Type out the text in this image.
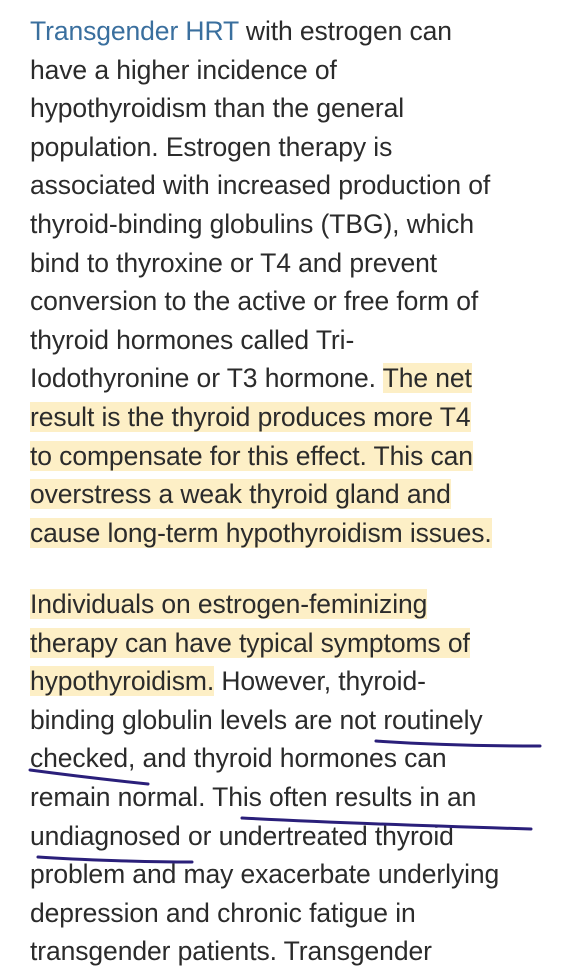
Transgender HRT with estrogen can
have a higher incidence of
hypothyroidism than the general
population. Estrogen therapy is
associated with increased production of
thyroid-binding globulins (TBG), which
bind to thyroxine or T4 and prevent
conversion to the active or free form of
thyroid hormones called Tri-
Iodothyronine or T3 hormone. The net
result is the thyroid produces more T4
to compensate for this effect. This can
overstress a weak thyroid gland and
cause long-term hypothyroidism issues.
Individuals on estrogen-feminizing
therapy can have typical symptoms of
hypothyroidism. However, thyroid-
binding globulin levels are not routinely
checked, and thyroid hormones can
remain normal. This often results in an
undiagnosed or undertreated thyroid
problem and may exacerbate underlying
depression and chronic fatigue in
transgender patients. Transgender
